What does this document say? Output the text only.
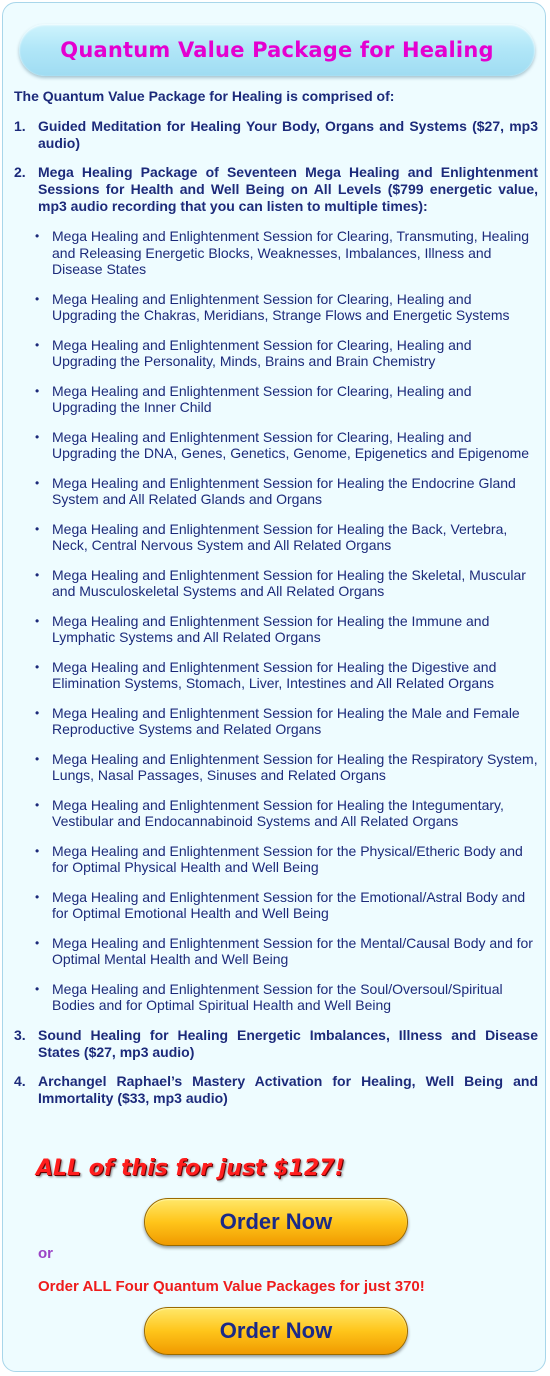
Quantum Value Package for Healing

The Quantum Value Package for Healing is comprised of:

1. Guided Meditation for Healing Your Body, Organs and Systems ($27, mp3 audio)
2. Mega Healing Package of Seventeen Mega Healing and Enlightenment Sessions for Health and Well Being on All Levels ($799 energetic value, mp3 audio recording that you can listen to multiple times):
• Mega Healing and Enlightenment Session for Clearing, Transmuting, Healing and Releasing Energetic Blocks, Weaknesses, Imbalances, Illness and Disease States
• Mega Healing and Enlightenment Session for Clearing, Healing and Upgrading the Chakras, Meridians, Strange Flows and Energetic Systems
• Mega Healing and Enlightenment Session for Clearing, Healing and Upgrading the Personality, Minds, Brains and Brain Chemistry
• Mega Healing and Enlightenment Session for Clearing, Healing and Upgrading the Inner Child
• Mega Healing and Enlightenment Session for Clearing, Healing and Upgrading the DNA, Genes, Genetics, Genome, Epigenetics and Epigenome
• Mega Healing and Enlightenment Session for Healing the Endocrine Gland System and All Related Glands and Organs
• Mega Healing and Enlightenment Session for Healing the Back, Vertebra, Neck, Central Nervous System and All Related Organs
• Mega Healing and Enlightenment Session for Healing the Skeletal, Muscular and Musculoskeletal Systems and All Related Organs
• Mega Healing and Enlightenment Session for Healing the Immune and Lymphatic Systems and All Related Organs
• Mega Healing and Enlightenment Session for Healing the Digestive and Elimination Systems, Stomach, Liver, Intestines and All Related Organs
• Mega Healing and Enlightenment Session for Healing the Male and Female Reproductive Systems and Related Organs
• Mega Healing and Enlightenment Session for Healing the Respiratory System, Lungs, Nasal Passages, Sinuses and Related Organs
• Mega Healing and Enlightenment Session for Healing the Integumentary, Vestibular and Endocannabinoid Systems and All Related Organs
• Mega Healing and Enlightenment Session for the Physical/Etheric Body and for Optimal Physical Health and Well Being
• Mega Healing and Enlightenment Session for the Emotional/Astral Body and for Optimal Emotional Health and Well Being
• Mega Healing and Enlightenment Session for the Mental/Causal Body and for Optimal Mental Health and Well Being
• Mega Healing and Enlightenment Session for the Soul/Oversoul/Spiritual Bodies and for Optimal Spiritual Health and Well Being
3. Sound Healing for Healing Energetic Imbalances, Illness and Disease States ($27, mp3 audio)
4. Archangel Raphael’s Mastery Activation for Healing, Well Being and Immortality ($33, mp3 audio)
ALL of this for just $127!
Order Now
or
Order ALL Four Quantum Value Packages for just 370!
Order Now
